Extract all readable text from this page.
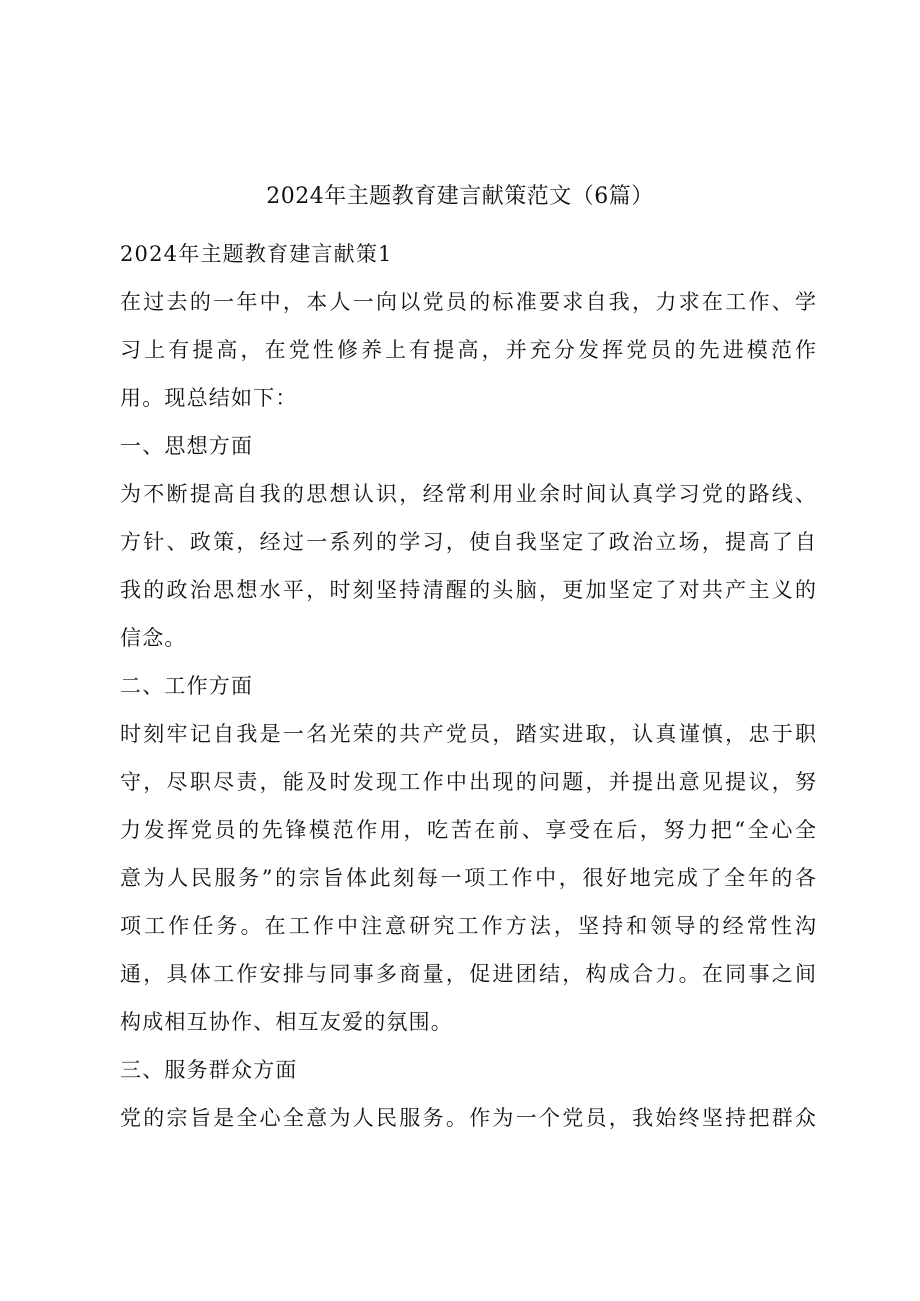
2024年主题教育建言献策范文（6篇）
2024年主题教育建言献策1
在过去的一年中，本人一向以党员的标准要求自我，力求在工作、学
习上有提高，在党性修养上有提高，并充分发挥党员的先进模范作
用。现总结如下：
一、思想方面
为不断提高自我的思想认识，经常利用业余时间认真学习党的路线、
方针、政策，经过一系列的学习，使自我坚定了政治立场，提高了自
我的政治思想水平，时刻坚持清醒的头脑，更加坚定了对共产主义的
信念。
二、工作方面
时刻牢记自我是一名光荣的共产党员，踏实进取，认真谨慎，忠于职
守，尽职尽责，能及时发现工作中出现的问题，并提出意见提议，努
力发挥党员的先锋模范作用，吃苦在前、享受在后，努力把“全心全
意为人民服务”的宗旨体此刻每一项工作中，很好地完成了全年的各
项工作任务。在工作中注意研究工作方法，坚持和领导的经常性沟
通，具体工作安排与同事多商量，促进团结，构成合力。在同事之间
构成相互协作、相互友爱的氛围。
三、服务群众方面
党的宗旨是全心全意为人民服务。作为一个党员，我始终坚持把群众
